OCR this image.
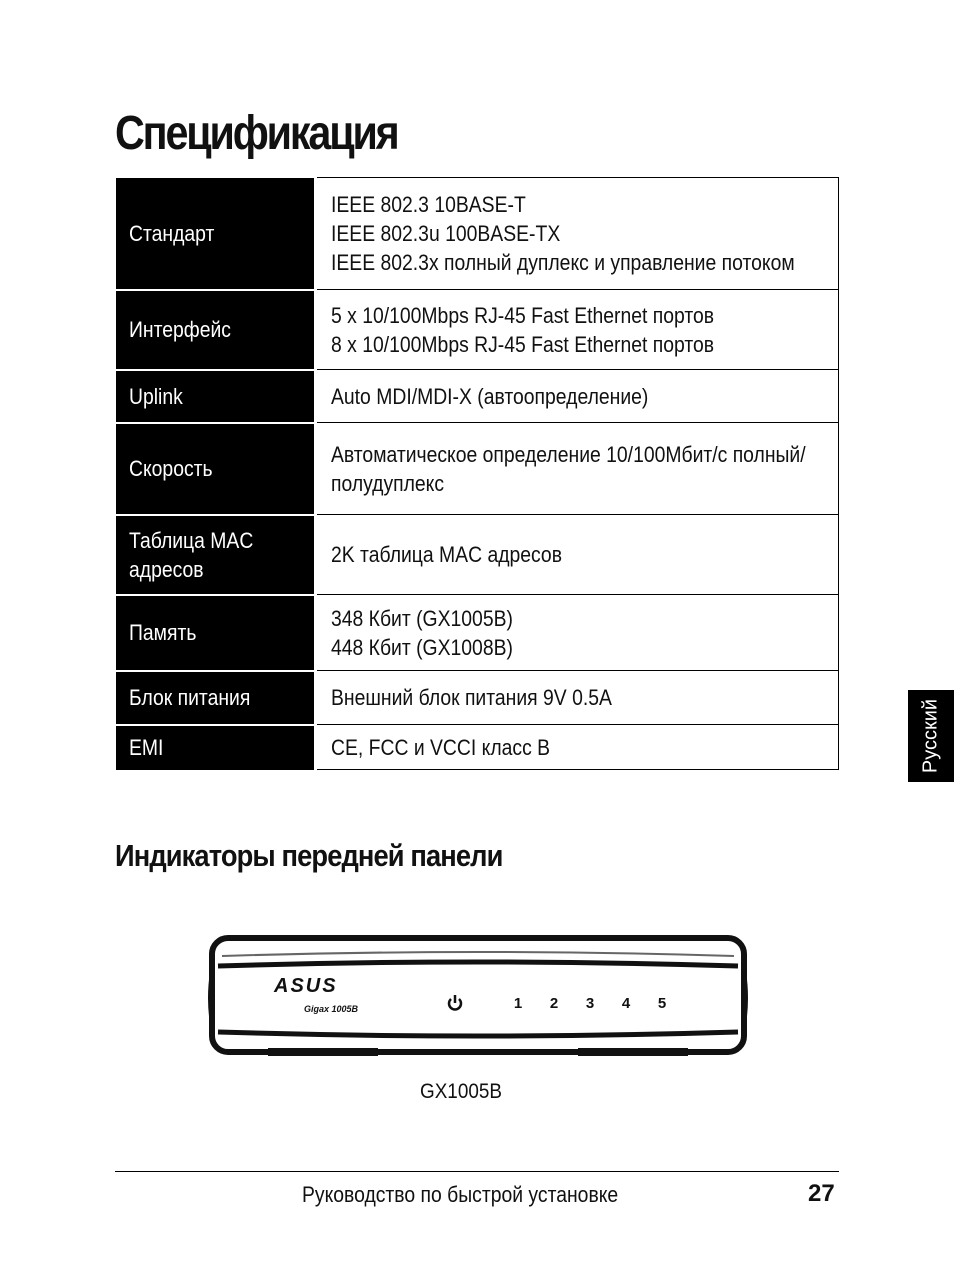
Спецификация
Стандарт	IEEE 802.3 10BASE-T
IEEE 802.3u 100BASE-TX
IEEE 802.3x полный дуплекс и управление потоком

Интерфейс	5 x 10/100Mbps RJ-45 Fast Ethernet портов
8 x 10/100Mbps RJ-45 Fast Ethernet портов

Uplink	Auto MDI/MDI-X (автоопределение)

Скорость	Автоматическое определение 10/100Мбит/с полный/
полудуплекс

Таблица MAC адресов	2K таблица MAC адресов

Память	348 Кбит (GX1005B)
448 Кбит (GX1008B)

Блок питания	Внешний блок питания 9V 0.5A

EMI	CE, FCC и VCCI класс B	Русский
Индикаторы передней панели
ASUS
Gigax 1005B	1 2 3 4 5
GX1005B
Руководство по быстрой установке	27
